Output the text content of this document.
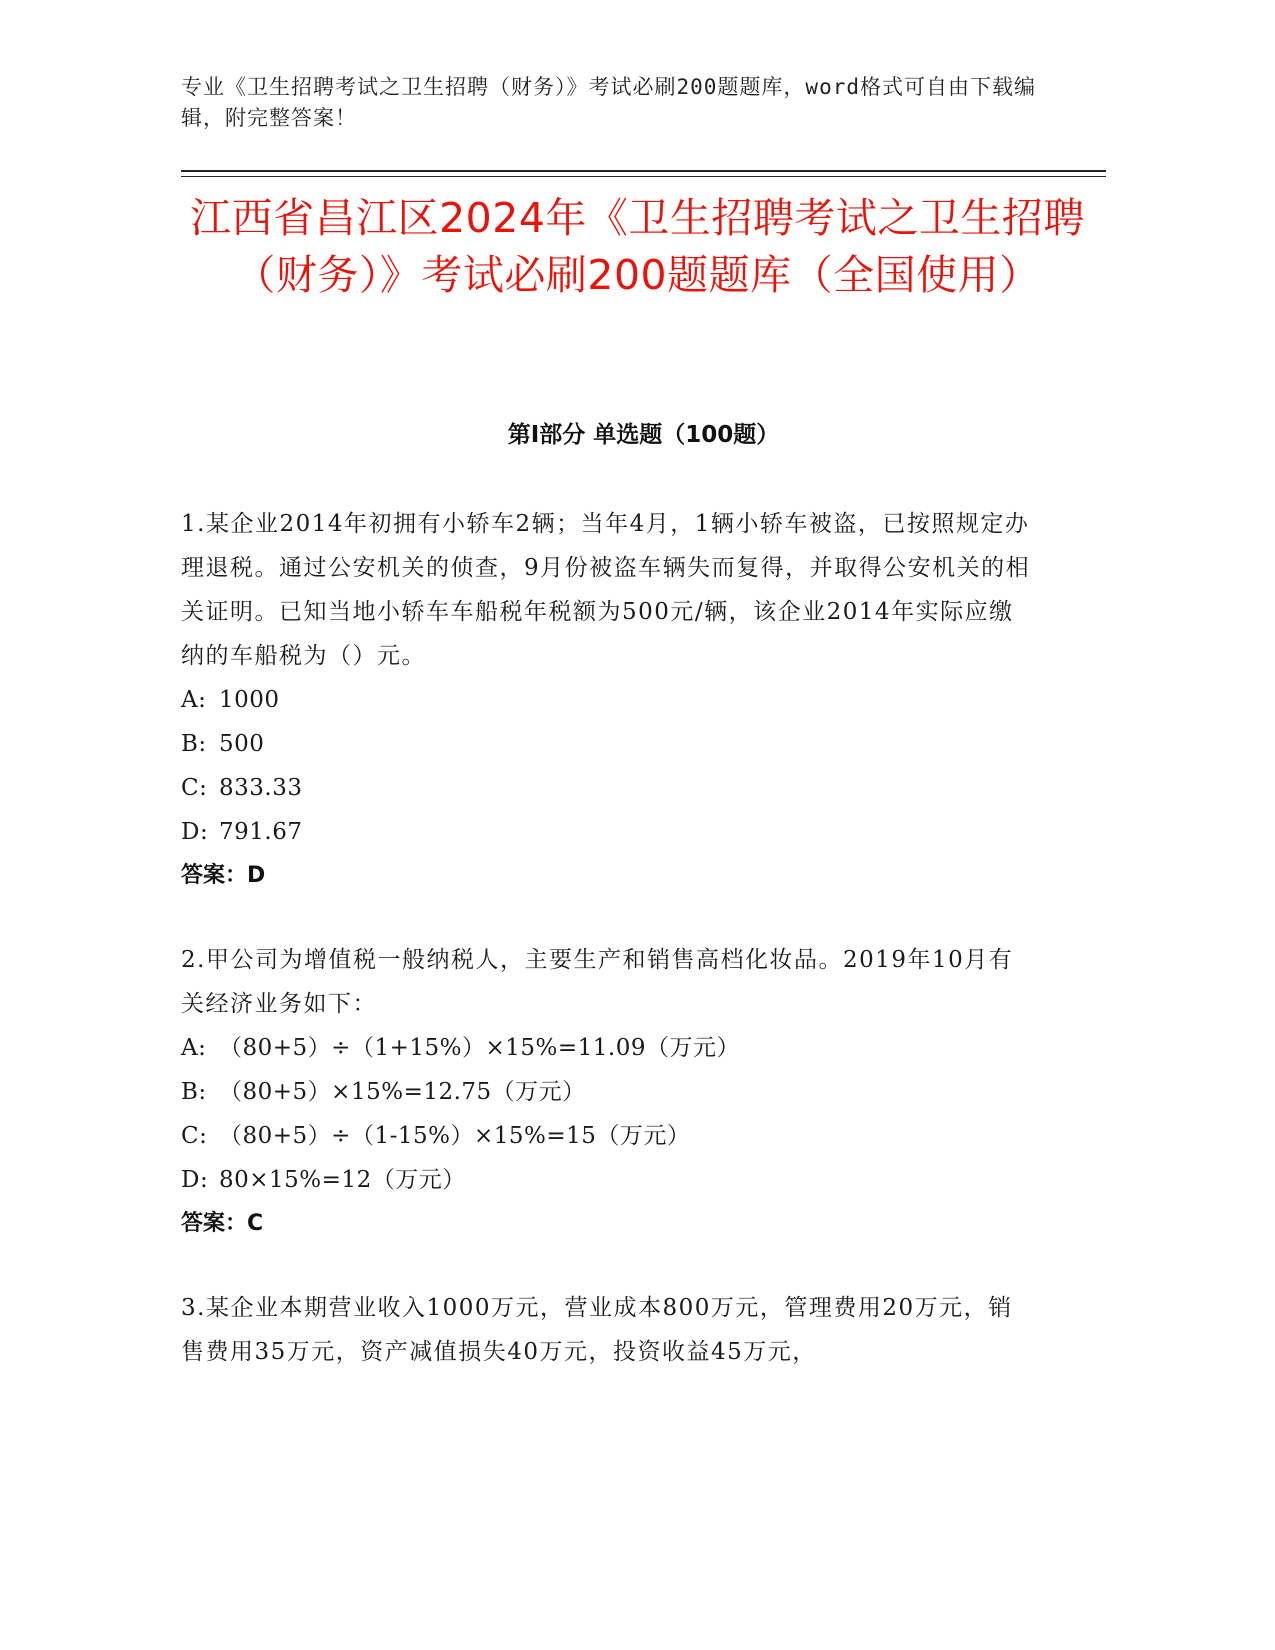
专业《卫生招聘考试之卫生招聘（财务）》考试必刷200题题库，word格式可自由下载编辑，附完整答案！
江西省昌江区2024年《卫生招聘考试之卫生招聘（财务）》考试必刷200题题库（全国使用）
第Ⅰ部分 单选题（100题）
1.某企业2014年初拥有小轿车2辆；当年4月，1辆小轿车被盗，已按照规定办理退税。通过公安机关的侦查，9月份被盗车辆失而复得，并取得公安机关的相关证明。已知当地小轿车车船税年税额为500元/辆，该企业2014年实际应缴纳的车船税为（）元。
A: 1000
B: 500
C: 833.33
D: 791.67
答案：D
2.甲公司为增值税一般纳税人，主要生产和销售高档化妆品。2019年10月有关经济业务如下：
A: （80+5）÷（1+15%）×15%=11.09（万元）
B: （80+5）×15%=12.75（万元）
C: （80+5）÷（1-15%）×15%=15（万元）
D: 80×15%=12（万元）
答案：C
3.某企业本期营业收入1000万元，营业成本800万元，管理费用20万元，销售费用35万元，资产减值损失40万元，投资收益45万元，
